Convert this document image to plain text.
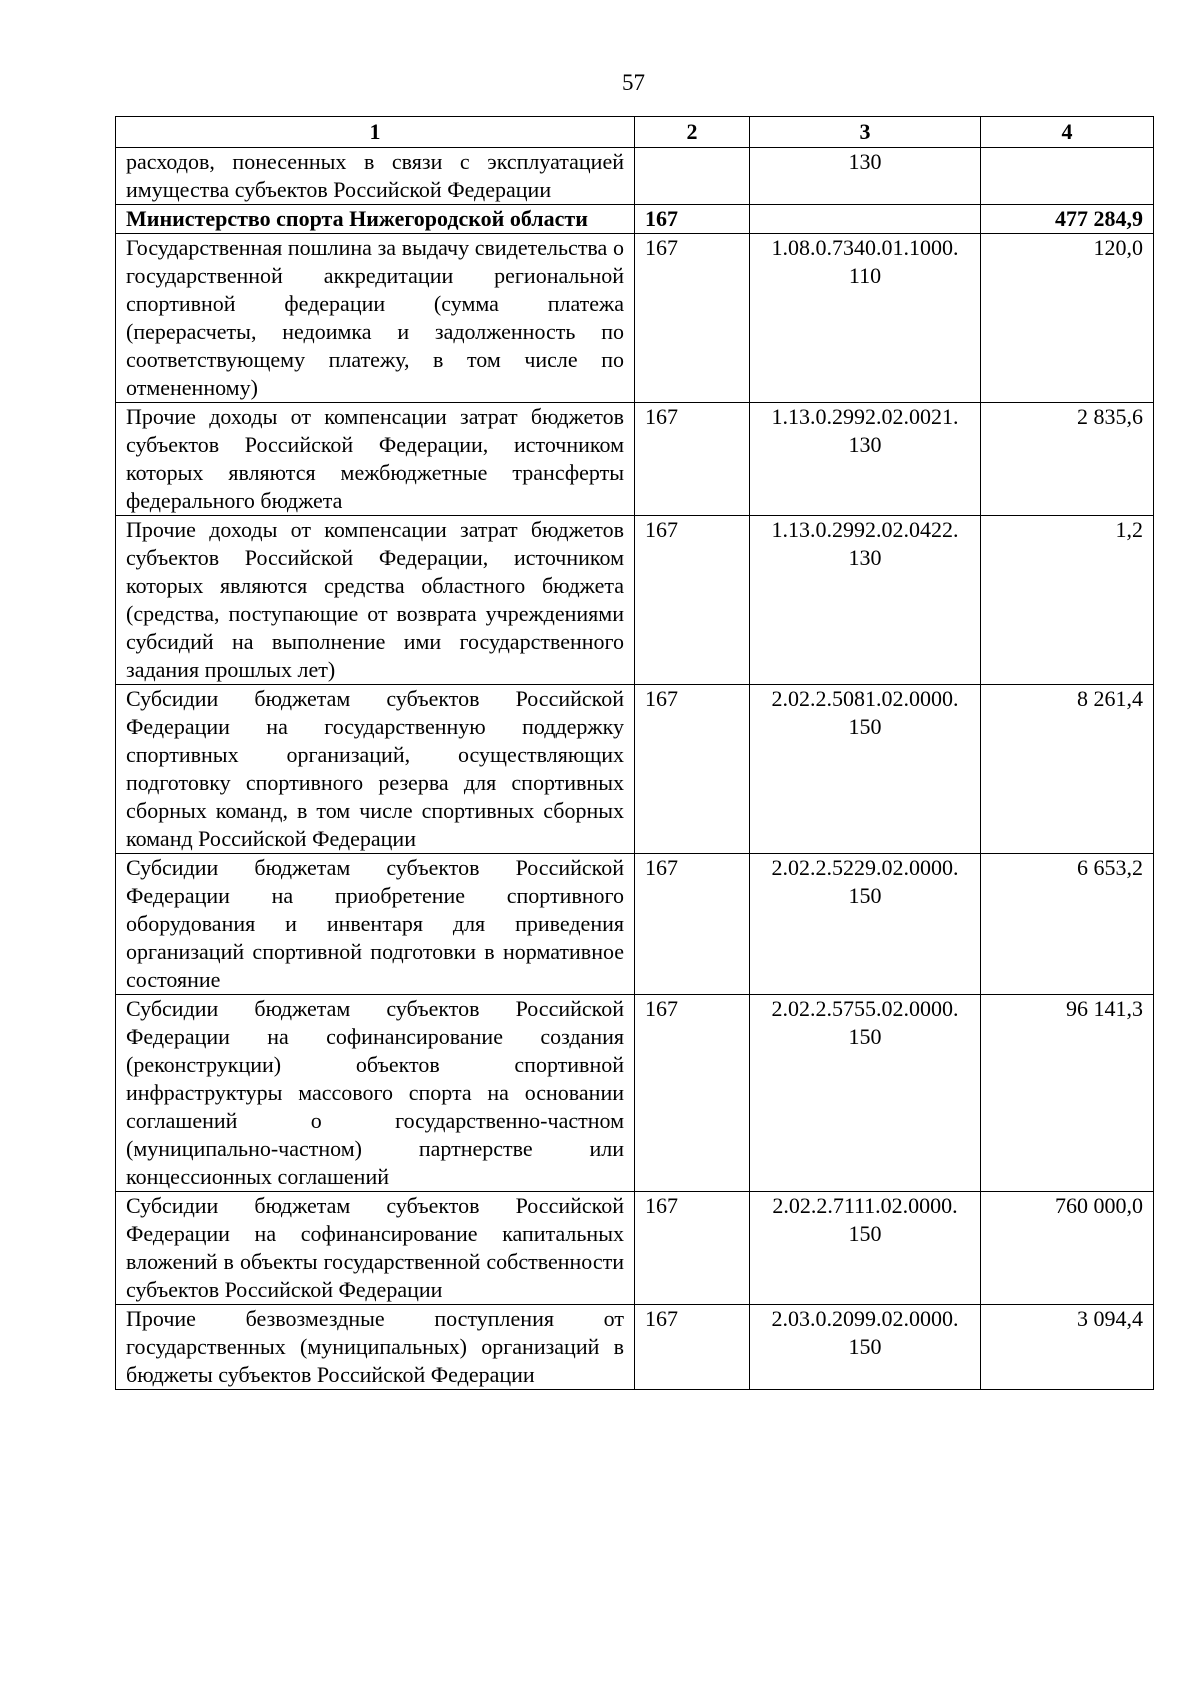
57
1	2	3	4
расходов, понесенных в связи с эксплуатацией имущества субъектов Российской Федерации		130	
Министерство спорта Нижегородской области	167		477 284,9
Государственная пошлина за выдачу свидетельства о государственной аккредитации региональной спортивной федерации (сумма платежа (перерасчеты, недоимка и задолженность по соответствующему платежу, в том числе по отмененному)	167	1.08.0.7340.01.1000. 110	120,0
Прочие доходы от компенсации затрат бюджетов субъектов Российской Федерации, источником которых являются межбюджетные трансферты федерального бюджета	167	1.13.0.2992.02.0021. 130	2 835,6
Прочие доходы от компенсации затрат бюджетов субъектов Российской Федерации, источником которых являются средства областного бюджета (средства, поступающие от возврата учреждениями субсидий на выполнение ими государственного задания прошлых лет)	167	1.13.0.2992.02.0422. 130	1,2
Субсидии бюджетам субъектов Российской Федерации на государственную поддержку спортивных организаций, осуществляющих подготовку спортивного резерва для спортивных сборных команд, в том числе спортивных сборных команд Российской Федерации	167	2.02.2.5081.02.0000. 150	8 261,4
Субсидии бюджетам субъектов Российской Федерации на приобретение спортивного оборудования и инвентаря для приведения организаций спортивной подготовки в нормативное состояние	167	2.02.2.5229.02.0000. 150	6 653,2
Субсидии бюджетам субъектов Российской Федерации на софинансирование создания (реконструкции) объектов спортивной инфраструктуры массового спорта на основании соглашений о государственно-частном (муниципально-частном) партнерстве или концессионных соглашений	167	2.02.2.5755.02.0000. 150	96 141,3
Субсидии бюджетам субъектов Российской Федерации на софинансирование капитальных вложений в объекты государственной собственности субъектов Российской Федерации	167	2.02.2.7111.02.0000. 150	760 000,0
Прочие безвозмездные поступления от государственных (муниципальных) организаций в бюджеты субъектов Российской Федерации	167	2.03.0.2099.02.0000. 150	3 094,4
